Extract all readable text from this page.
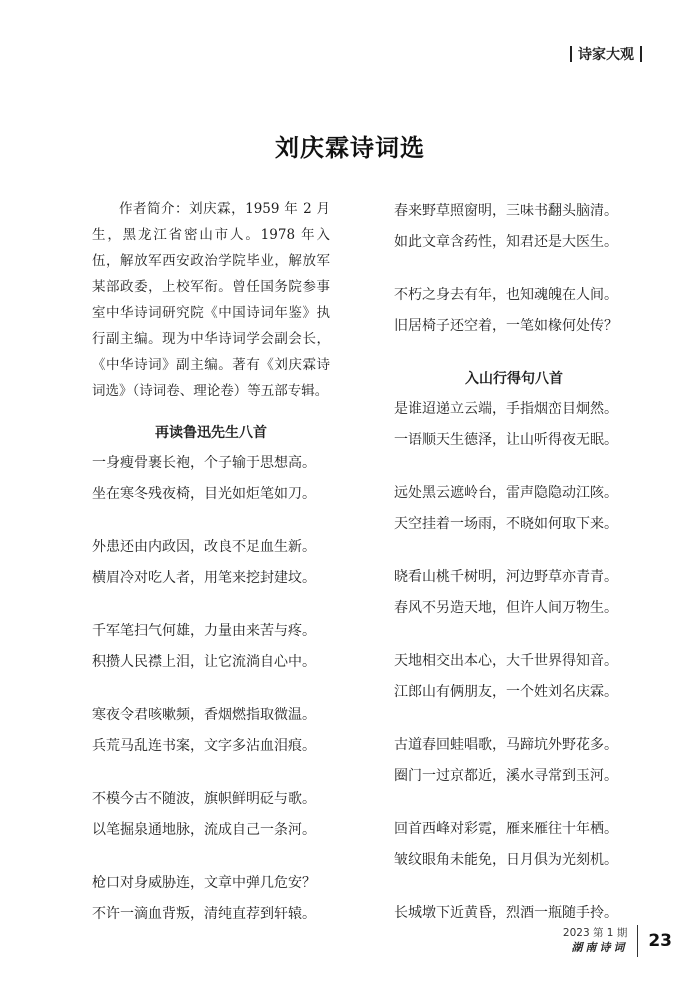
诗家大观
刘庆霖诗词选

作者简介：刘庆霖，1959 年 2 月生，黑龙江省密山市人。1978 年入伍，解放军西安政治学院毕业，解放军某部政委，上校军衔。曾任国务院参事室中华诗词研究院《中国诗词年鉴》执行副主编。现为中华诗词学会副会长，《中华诗词》副主编。著有《刘庆霖诗词选》（诗词卷、理论卷）等五部专辑。

再读鲁迅先生八首
一身瘦骨裹长袍，个子输于思想高。
坐在寒冬残夜椅，目光如炬笔如刀。
外患还由内政因，改良不足血生新。
横眉冷对吃人者，用笔来挖封建坟。
千军笔扫气何雄，力量由来苦与疼。
积攒人民襟上泪，让它流淌自心中。
寒夜令君咳嗽频，香烟燃指取微温。
兵荒马乱连书案，文字多沾血泪痕。
不模今古不随波，旗帜鲜明砭与歌。
以笔掘泉通地脉，流成自己一条河。
枪口对身威胁连，文章中弹几危安？
不许一滴血背叛，清纯直荐到轩辕。
春来野草照窗明，三味书翻头脑清。
如此文章含药性，知君还是大医生。
不朽之身去有年，也知魂魄在人间。
旧居椅子还空着，一笔如椽何处传？
入山行得句八首
是谁迢递立云端，手指烟峦目炯然。
一语顺天生德泽，让山听得夜无眠。
远处黑云遮岭台，雷声隐隐动江陔。
天空挂着一场雨，不晓如何取下来。
晓看山桃千树明，河边野草亦青青。
春风不另造天地，但许人间万物生。
天地相交出本心，大千世界得知音。
江郎山有俩朋友，一个姓刘名庆霖。
古道春回蛙唱歌，马蹄坑外野花多。
圈门一过京都近，溪水寻常到玉河。
回首西峰对彩霓，雁来雁往十年栖。
皱纹眼角未能免，日月俱为光刻机。
长城墩下近黄昏，烈酒一瓶随手拎。
2023 第 1 期
湖南诗词 23
